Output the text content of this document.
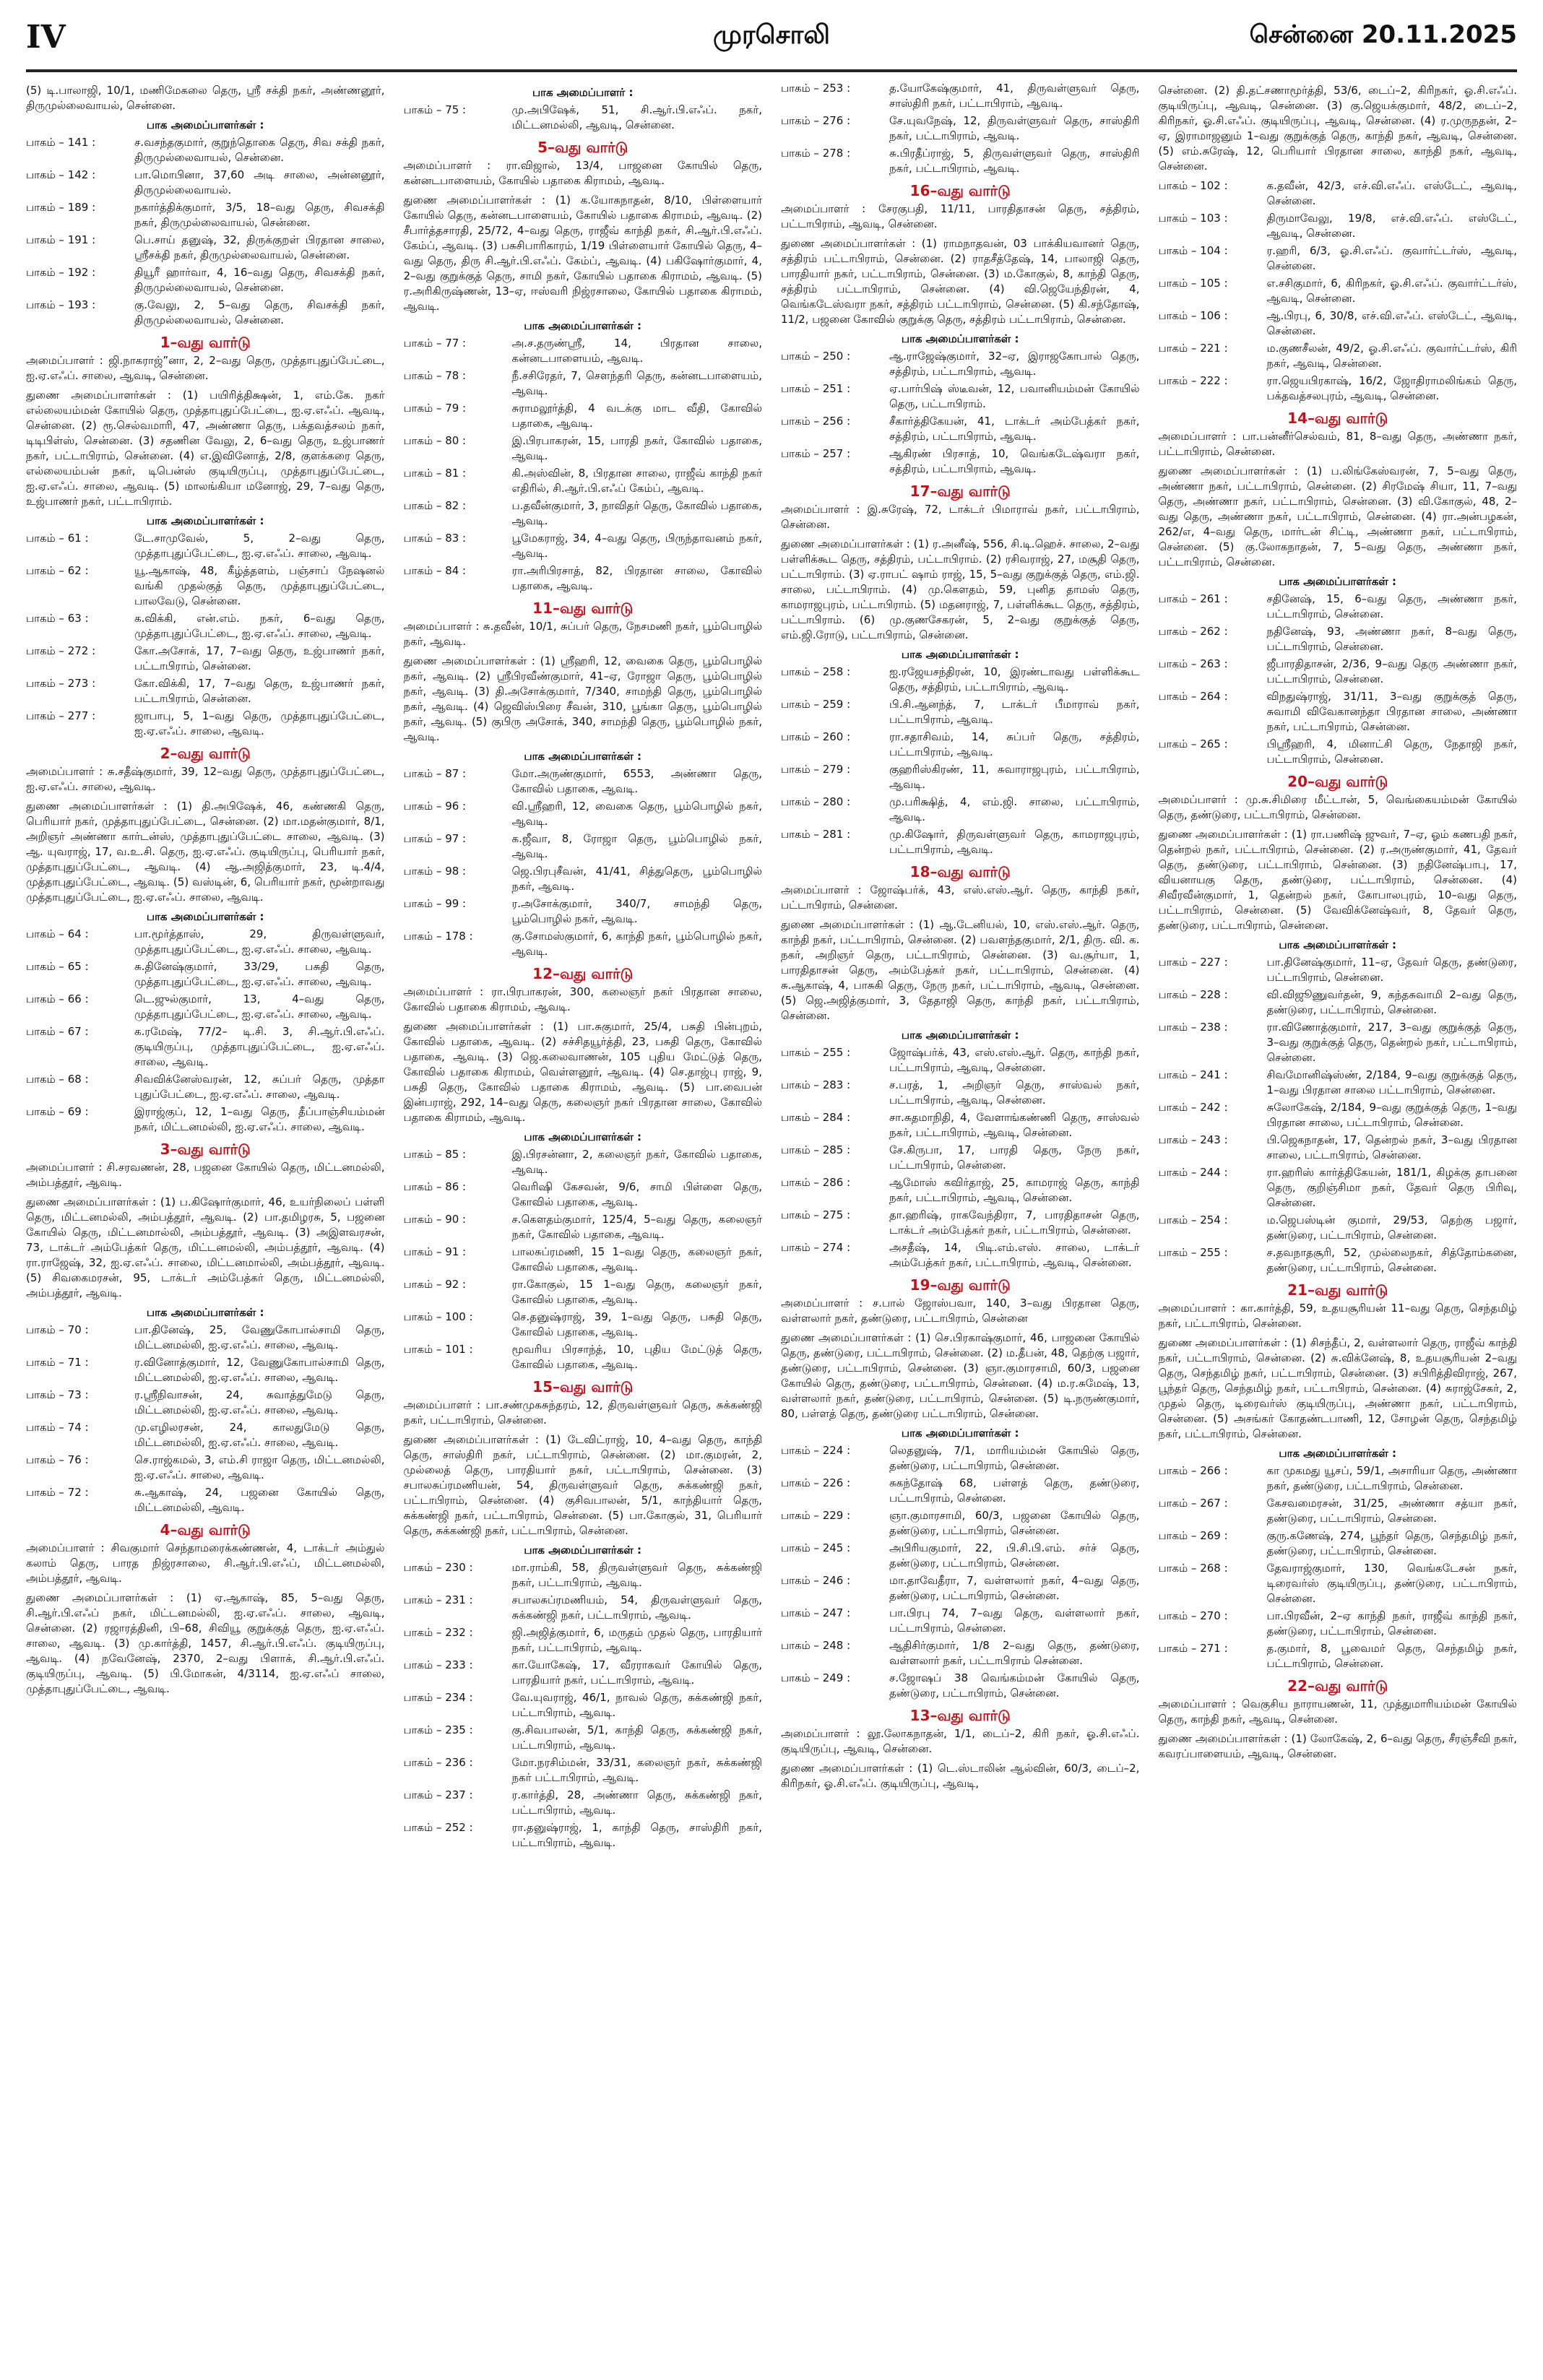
IV	முரசொலி	சென்னை 20.11.2025
(5) டி.பாலாஜி, 10/1, மணிமேகலை தெரு, ஸ்ரீ சக்தி நகர், அண்ணனூர், திருமுல்லைவாயல், சென்னை.
பாக அமைப்பாளர்கள் :
பாகம் – 141 :	ச.வசந்தகுமார், குறுந்தொகை தெரு, சிவ சக்தி நகர், திருமுல்லைவாயல், சென்னை.
பாகம் – 142 :	பா.மொபினா, 37,60 அடி சாலை, அன்னனூர், திருமுல்லைவாயல்.
பாகம் – 189 :	நகார்த்திக்குமார், 3/5, 18–வது தெரு, சிவசக்தி நகர், திருமுல்லைவாயல், சென்னை.
பாகம் – 191 :	பெ.சாய் தனுஷ், 32, திருக்குறள் பிரதான சாலை, ஸ்ரீசக்தி நகர், திருமுல்லைவாயல், சென்னை.
பாகம் – 192 :	தியூரீ ஹார்வா, 4, 16–வது தெரு, சிவசக்தி நகர், திருமுல்லைவாயல், சென்னை.
பாகம் – 193 :	கு.வேலு, 2, 5–வது தெரு, சிவசக்தி நகர், திருமுல்லைவாயல், சென்னை.
1–வது வார்டு
அமைப்பாளர் : ஜி.நாகராஜ்”னா, 2, 2–வது தெரு, முத்தாபுதுப்பேட்டை, ஐ.ஏ.எஃப். சாலை, ஆவடி, சென்னை.
துணை அமைப்பாளர்கள் : (1) பயிரித்திக்ஷன், 1, எம்.கே. நகர் எல்லையம்மன் கோயில் தெரு, முத்தாபுதுப்பேட்டை, ஐ.ஏ.எஃப். ஆவடி, சென்னை. (2) ரூ.செல்வமாரி, 47, அண்ணா தெரு, பக்தவத்சலம் நகர், டிடிபிள்ஸ், சென்னை. (3) சதணின வேலு, 2, 6–வது தெரு, உஜ்பாணர் நகர், பட்டாபிராம், சென்னை. (4) எ.இவினோத், 2/8, குளக்கரை தெரு, எல்லையம்பன் நகர், டிபென்ஸ் குடியிருப்பு, முத்தாபுதுப்பேட்டை, ஐ.ஏ.எஃப். சாலை, ஆவடி. (5) மாலங்கியா மனோஜ், 29, 7–வது தெரு, உஜ்பாணர் நகர், பட்டாபிராம்.
பாக அமைப்பாளர்கள் :
பாகம் – 61 :	டே.சாமுவேல், 5, 2–வது தெரு, முத்தாபுதுப்பேட்டை, ஐ.ஏ.எஃப். சாலை, ஆவடி.
பாகம் – 62 :	யூ.ஆகாஷ், 48, கீழ்த்தளம், பஞ்சாப் நேஷனல் வங்கி முதல்குத் தெரு, முத்தாபுதுப்பேட்டை, பாலவேடு, சென்னை.
பாகம் – 63 :	க.விக்கி, என்.எம். நகர், 6–வது தெரு, முத்தாபுதுப்பேட்டை, ஐ.ஏ.எஃப். சாலை, ஆவடி.
பாகம் – 272 :	கோ.அசோக், 17, 7–வது தெரு, உஜ்பாணர் நகர், பட்டாபிராம், சென்னை.
பாகம் – 273 :	கோ.விக்கி, 17, 7–வது தெரு, உஜ்பாணர் நகர், பட்டாபிராம், சென்னை.
பாகம் – 277 :	ஜாபாபு, 5, 1–வது தெரு, முத்தாபுதுப்பேட்டை, ஐ.ஏ.எஃப். சாலை, ஆவடி.
2–வது வார்டு
அமைப்பாளர் : சு.சதீஷ்குமார், 39, 12–வது தெரு, முத்தாபுதுப்பேட்டை, ஐ.ஏ.எஃப். சாலை, ஆவடி.
துணை அமைப்பாளர்கள் : (1) தி.அபிஷேக், 46, கண்ணகி தெரு, பெரியார் நகர், முத்தாபுதுப்பேட்டை, சென்னை. (2) மா.மதன்குமார், 8/1, அறிஞர் அண்ணா கார்டன்ஸ், முத்தாபுதுப்பேட்டை சாலை, ஆவடி. (3) ஆ. யுவராஜ், 17, வ.உ.சி. தெரு, ஐ.ஏ.எஃப். குடியிருப்பு, பெரியார் நகர், முத்தாபுதுப்பேட்டை, ஆவடி. (4) ஆ.அஜித்குமார், 23, டி.4/4, முத்தாபுதுப்பேட்டை, ஆவடி. (5) வஸ்டின், 6, பெரியார் நகர், மூன்றாவது முத்தாபுதுப்பேட்டை, ஐ.ஏ.எஃப். சாலை, ஆவடி.
பாக அமைப்பாளர்கள் :
பாகம் – 64 :	பா.மூர்த்தாஸ், 29, திருவள்ளுவர், முத்தாபுதுப்பேட்டை, ஐ.ஏ.எஃப். சாலை, ஆவடி.
பாகம் – 65 :	சு.தினேஷ்குமார், 33/29, பசுதி தெரு, முத்தாபுதுப்பேட்டை, ஐ.ஏ.எஃப். சாலை, ஆவடி.
பாகம் – 66 :	டெ.ஜுல்குமார், 13, 4–வது தெரு, முத்தாபுதுப்பேட்டை, ஐ.ஏ.எஃப். சாலை, ஆவடி.
பாகம் – 67 :	க.ரமேஷ், 77/2– டி.சி. 3, சி.ஆர்.பி.எஃப். குடியிருப்பு, முத்தாபுதுப்பேட்டை, ஐ.ஏ.எஃப். சாலை, ஆவடி.
பாகம் – 68 :	சிவவிக்னேஸ்வரன், 12, சுப்பர் தெரு, முத்தா புதுப்பேட்டை, ஐ.ஏ.எஃப். சாலை, ஆவடி.
பாகம் – 69 :	இராஜ்குப், 12, 1–வது தெரு, தீப்பாஞ்சியம்மன் நகர், மிட்டனமல்லி, ஐ.ஏ.எஃப். சாலை, ஆவடி.
3–வது வார்டு
அமைப்பாளர் : சி.சரவணன், 28, பஜனை கோயில் தெரு, மிட்டனமல்லி, அம்பத்தூர், ஆவடி.
துணை அமைப்பாளர்கள் : (1) ப.கிஷோர்குமார், 46, உயர்நிலைப் பள்ளி தெரு, மிட்டனமல்லி, அம்பத்தூர், ஆவடி. (2) பா.தமிழரசு, 5, பஜனை கோயில் தெரு, மிட்டனமால்லி, அம்பத்தூர், ஆவடி. (3) அஇளவரசன், 73, டாக்டர் அம்பேத்கர் தெரு, மிட்டனமல்லி, அம்பத்தூர், ஆவடி. (4) ரா.ராஜேஷ், 32, ஐ.ஏ.எஃப். சாலை, மிட்டனமால்லி, அம்பத்தூர், ஆவடி. (5) சிவகைமரசன், 95, டாக்டர் அம்பேத்கர் தெரு, மிட்டனமல்லி, அம்பத்தூர், ஆவடி.
பாக அமைப்பாளர்கள் :
பாகம் – 70 :	பா.தினேஷ், 25, வேணுகோபால்சாமி தெரு, மிட்டனமல்லி, ஐ.ஏ.எஃப். சாலை, ஆவடி.
பாகம் – 71 :	ர.வினோத்குமார், 12, வேணுகோபால்சாமி தெரு, மிட்டனமல்லி, ஐ.ஏ.எஃப். சாலை, ஆவடி.
பாகம் – 73 :	ர.ஸ்ரீநிவாசன், 24, சுவாத்துமேடு தெரு, மிட்டனமல்லி, ஐ.ஏ.எஃப். சாலை, ஆவடி.
பாகம் – 74 :	மு.எழிலரசன், 24, காலதுமேடு தெரு, மிட்டனமல்லி, ஐ.ஏ.எஃப். சாலை, ஆவடி.
பாகம் – 76 :	செ.ராஜ்கமல், 3, எம்.சி ராஜா தெரு, மிட்டனமல்லி, ஐ.ஏ.எஃப். சாலை, ஆவடி.
பாகம் – 72 :	சு.ஆகாஷ், 24, பஜனை கோயில் தெரு, மிட்டனமல்லி, ஆவடி.
4–வது வார்டு
அமைப்பாளர் : சிவகுமார் செந்தாமரைக்கண்ணன், 4, டாக்டர் அம்துல் கலாம் தெரு, பாரத நிஜ்ரசாலை, சி.ஆர்.பி.எஃப், மிட்டனமல்லி, அம்பத்தூர், ஆவடி.
துணை அமைப்பாளர்கள் : (1) ஏ.ஆகாஷ், 85, 5–வது தெரு, சி.ஆர்.பி.எஃப் நகர், மிட்டனமல்லி, ஐ.ஏ.எஃப். சாலை, ஆவடி, சென்னை. (2) ரஜாரத்தினி, பி–68, சிவியூ குறுக்குத் தெரு, ஐ.ஏ.எஃப். சாலை, ஆவடி. (3) மு.கார்த்தி, 1457, சி.ஆர்.பி.எஃப். குடியிருப்பு, ஆவடி. (4) நவேனேஷ், 2370, 2–வது பிளாக், சி.ஆர்.பி.எஃப். குடியிருப்பு, ஆவடி. (5) பி.மோகன், 4/3114, ஐ.ஏ.எஃப் சாலை, முத்தாபுதுப்பேட்டை, ஆவடி.
பாக அமைப்பாளர் :
பாகம் – 75 :	மு.அபிஷேக், 51, சி.ஆர்.பி.எஃப். நகர், மிட்டனமல்லி, ஆவடி, சென்னை.
5–வது வார்டு
அமைப்பாளர் : ரா.விஜால், 13/4, பாஜனை கோயில் தெரு, கன்னடபாளையம், கோயில் பதாகை கிராமம், ஆவடி.
துணை அமைப்பாளர்கள் : (1) க.யோகநாதன், 8/10, பிள்ளையார் கோயில் தெரு, கன்னடபாளையம், கோயில் பதாகை கிராமம், ஆவடி. (2) சீபார்த்தசாரதி, 25/72, 4–வது தெரு, ராஜீவ் காந்தி நகர், சி.ஆர்.பி.எஃப். கேம்ப், ஆவடி. (3) பசுசிபாரிகாரம், 1/19 பிள்ளையார் கோயில் தெரு, 4–வது தெரு, திரு சி.ஆர்.பி.எஃப். கேம்ப், ஆவடி. (4) பகிஷோர்குமார், 4, 2–வது குறுக்குத் தெரு, சாமி நகர், கோயில் பதாகை கிராமம், ஆவடி. (5) ர.அரிகிருஷ்ணன், 13–ஏ, ஈஸ்வரி நிஜ்ரசாலை, கோயில் பதாகை கிராமம், ஆவடி.
பாக அமைப்பாளர்கள் :
பாகம் – 77 :	அ.ச.தருண்ஸ்ரீ, 14, பிரதான சாலை, கன்னடபாளையம், ஆவடி.
பாகம் – 78 :	நீ.சசிரேதர், 7, சௌந்தரி தெரு, கன்னடபாளையம், ஆவடி.
பாகம் – 79 :	சுராமலூர்த்தி, 4 வடக்கு மாட வீதி, கோவில் பதாகை, ஆவடி.
பாகம் – 80 :	இ.பிரபாகரன், 15, பாரதி நகர், கோவில் பதாகை, ஆவடி.
பாகம் – 81 :	கி.அஸ்வின், 8, பிரதான சாலை, ராஜீவ் காந்தி நகர் எதிரில், சி.ஆர்.பி.எஃப் கேம்ப், ஆவடி.
பாகம் – 82 :	ப.தவீன்குமார், 3, நாவிதர் தெரு, கோவில் பதாகை, ஆவடி.
பாகம் – 83 :	பூமேகராஜ், 34, 4–வது தெரு, பிருந்தாவனம் நகர், ஆவடி.
பாகம் – 84 :	ரா.அரிபிரசாத், 82, பிரதான சாலை, கோவில் பதாகை, ஆவடி.
11–வது வார்டு
அமைப்பாளர் : சு.தவீன், 10/1, சுப்பர் தெரு, நேசமணி நகர், பூம்பொழில் நகர், ஆவடி.
துணை அமைப்பாளர்கள் : (1) ஸ்ரீஹரி, 12, வைகை தெரு, பூம்பொழில் நகர், ஆவடி. (2) ஸ்ரீபிரவீண்குமார், 41–ஏ, ரோஜா தெரு, பூம்பொழில் நகர், ஆவடி. (3) தி.அசோக்குமார், 7/340, சாமந்தி தெரு, பூம்பொழில் நகர், ஆவடி. (4) ஜெவிஸ்பிரை சீவன், 310, பூங்கா தெரு, பூம்பொழில் நகர், ஆவடி. (5) குபிரு அசோக், 340, சாமந்தி தெரு, பூம்பொழில் நகர், ஆவடி.
பாக அமைப்பாளர்கள் :
பாகம் – 87 :	மோ.அருண்குமார், 6553, அண்ணா தெரு, கோவில் பதாகை, ஆவடி.
பாகம் – 96 :	வி.ஸ்ரீஹரி, 12, வைகை தெரு, பூம்பொழில் நகர், ஆவடி.
பாகம் – 97 :	க.ஜீவா, 8, ரோஜா தெரு, பூம்பொழில் நகர், ஆவடி.
பாகம் – 98 :	ஜெ.பிரபுசீவன், 41/41, சித்துதெரு, பூம்பொழில் நகர், ஆவடி.
பாகம் – 99 :	ர.அசோக்குமார், 340/7, சாமந்தி தெரு, பூம்பொழில் நகர், ஆவடி.
பாகம் – 178 :	கு.சோமஸ்குமார், 6, காந்தி நகர், பூம்பொழில் நகர், ஆவடி.
12–வது வார்டு
அமைப்பாளர் : ரா.பிரபாகரன், 300, கலைஞர் நகர் பிரதான சாலை, கோவில் பதாகை கிராமம், ஆவடி.
துணை அமைப்பாளர்கள் : (1) பா.சுகுமார், 25/4, பசுதி பின்புறம், கோவில் பதாகை, ஆவடி. (2) சச்சிதயூர்த்தி, 23, பசுதி தெரு, கோவில் பதாகை, ஆவடி. (3) ஜெ.கலைவாணன், 105 புதிய மேட்டுத் தெரு, கோவில் பதாகை கிராமம், வெள்ளனூர், ஆவடி. (4) செ.தாஜ்பு ராஜ், 9, பசுதி தெரு, கோவில் பதாகை கிராமம், ஆவடி. (5) பா.வைபன் இன்பராஜ், 292, 14–வது தெரு, கலைஞர் நகர் பிரதான சாலை, கோவில் பதாகை கிராமம், ஆவடி.
பாக அமைப்பாளர்கள் :
பாகம் – 85 :	இ.பிரசன்னா, 2, கலைஞர் நகர், கோவில் பதாகை, ஆவடி.
பாகம் – 86 :	வெரிஷி கேசவன், 9/6, சாமி பிள்ளை தெரு, கோவில் பதாகை, ஆவடி.
பாகம் – 90 :	ச.கௌதம்குமார், 125/4, 5–வது தெரு, கலைஞர் நகர், கோவில் பதாகை, ஆவடி.
பாகம் – 91 :	பாலசுப்ரமணி, 15 1–வது தெரு, கலைஞர் நகர், கோவில் பதாகை, ஆவடி.
பாகம் – 92 :	ரா.கோகுல், 15 1–வது தெரு, கலைஞர் நகர், கோவில் பதாகை, ஆவடி.
பாகம் – 100 :	செ.தனுஷ்ராஜ், 39, 1–வது தெரு, பசுதி தெரு, கோவில் பதாகை, ஆவடி.
பாகம் – 101 :	மூவரிய பிரசாந்த், 10, புதிய மேட்டுத் தெரு, கோவில் பதாகை, ஆவடி.
15–வது வார்டு
அமைப்பாளர் : பா.சண்முகசுந்தரம், 12, திருவள்ளுவர் தெரு, சுக்கண்ஜி நகர், பட்டாபிராம், சென்னை.
துணை அமைப்பாளர்கள் : (1) டேவிட்ராஜ், 10, 4–வது தெரு, காந்தி தெரு, சாஸ்திரி நகர், பட்டாபிராம், சென்னை. (2) மா.குமரன், 2, முல்லைத் தெரு, பாரதியார் நகர், பட்டாபிராம், சென்னை. (3) சபாலசுப்ரமணியன், 54, திருவள்ளுவர் தெரு, சுக்கண்ஜி நகர், பட்டாபிராம், சென்னை. (4) குசிவபாலன், 5/1, காந்தியார் தெரு, சுக்கண்ஜி நகர், பட்டாபிராம், சென்னை. (5) பா.கோகுல், 31, பெரியார் தெரு, சுக்கண்ஜி நகர், பட்டாபிராம், சென்னை.
பாக அமைப்பாளர்கள் :
பாகம் – 230 :	மா.ராம்கி, 58, திருவள்ளுவர் தெரு, சுக்கண்ஜி நகர், பட்டாபிராம், ஆவடி.
பாகம் – 231 :	சபாலசுப்ரமணியம், 54, திருவள்ளுவர் தெரு, சுக்கண்ஜி நகர், பட்டாபிராம், ஆவடி.
பாகம் – 232 :	ஜி.அஜித்குமார், 6, மருதம் முதல் தெரு, பாரதியார் நகர், பட்டாபிராம், ஆவடி.
பாகம் – 233 :	கா.யோகேஷ், 17, வீரராகவர் கோயில் தெரு, பாரதியார் நகர், பட்டாபிராம், ஆவடி.
பாகம் – 234 :	வே.யுவராஜ், 46/1, நாவல் தெரு, சுக்கண்ஜி நகர், பட்டாபிராம், ஆவடி.
பாகம் – 235 :	கு.சிவபாலன், 5/1, காந்தி தெரு, சுக்கண்ஜி நகர், பட்டாபிராம், ஆவடி.
பாகம் – 236 :	மோ.நரசிம்மன், 33/31, கலைஞர் நகர், சுக்கண்ஜி நகர் பட்டாபிராம், ஆவடி.
பாகம் – 237 :	ர.கார்த்தி, 28, அண்ணா தெரு, சுக்கண்ஜி நகர், பட்டாபிராம், ஆவடி.
பாகம் – 252 :	ரா.தனுஷ்ராஜ், 1, காந்தி தெரு, சாஸ்திரி நகர், பட்டாபிராம், ஆவடி.
பாகம் – 253 :	த.யோகேஷ்குமார், 41, திருவள்ளுவர் தெரு, சாஸ்திரி நகர், பட்டாபிராம், ஆவடி.
பாகம் – 276 :	சே.யுவநேஷ், 12, திருவள்ளுவர் தெரு, சாஸ்திரி நகர், பட்டாபிராம், ஆவடி.
பாகம் – 278 :	சு.பிரதீப்ராஜ், 5, திருவள்ளுவர் தெரு, சாஸ்திரி நகர், பட்டாபிராம், ஆவடி.
16–வது வார்டு
அமைப்பாளர் : சேரகுபதி, 11/11, பாரதிதாசன் தெரு, சத்திரம், பட்டாபிராம், ஆவடி, சென்னை.
துணை அமைப்பாளர்கள் : (1) ராமநாதவன், 03 பாக்கியவானர் தெரு, சத்திரம் பட்டாபிராம், சென்னை. (2) ராதசீத்தேஷ், 14, பாலாஜி தெரு, பாரதியார் நகர், பட்டாபிராம், சென்னை. (3) ம.கோகுல், 8, காந்தி தெரு, சத்திரம் பட்டாபிராம், சென்னை. (4) வி.ஜெயேந்திரன், 4, வெங்கடேஸ்வரா நகர், சத்திரம் பட்டாபிராம், சென்னை. (5) கி.சந்தோஷ், 11/2, பஜனை கோவில் குறுக்கு தெரு, சத்திரம் பட்டாபிராம், சென்னை.
பாக அமைப்பாளர்கள் :
பாகம் – 250 :	ஆ.ராஜேஷ்குமார், 32–ஏ, இராஜகோபால் தெரு, சத்திரம், பட்டாபிராம், ஆவடி.
பாகம் – 251 :	ஏ.பார்பிஷ் ஸ்டீவன், 12, பவானியம்மன் கோயில் தெரு, பட்டாபிராம்.
பாகம் – 256 :	சீகார்த்திகேயன், 41, டாக்டர் அம்பேத்கர் நகர், சத்திரம், பட்டாபிராம், ஆவடி.
பாகம் – 257 :	ஆகிரண் பிரசாத், 10, வெங்கடேஷ்வரா நகர், சத்திரம், பட்டாபிராம், ஆவடி.
17–வது வார்டு
அமைப்பாளர் : இ.சுரேஷ், 72, டாக்டர் பிமாராவ் நகர், பட்டாபிராம், சென்னை.
துணை அமைப்பாளர்கள் : (1) ர.அனீஷ், 556, சி.டி.ஹெச். சாலை, 2–வது பள்ளிக்கூட தெரு, சத்திரம், பட்டாபிராம். (2) ரசிவராஜ், 27, மசூதி தெரு, பட்டாபிராம். (3) ஏ.ராபட் ஷாம் ராஜ், 15, 5–வது குறுக்குத் தெரு, எம்.ஜி. சாலை, பட்டாபிராம். (4) மு.கௌதம், 59, புனித தாமஸ் தெரு, காமராஜபுரம், பட்டாபிராம். (5) மதனராஜ், 7, பள்ளிக்கூட தெரு, சத்திரம், பட்டாபிராம். (6) மு.குணசேகரன், 5, 2–வது குறுக்குத் தெரு, எம்.ஜி.ரோடு, பட்டாபிராம், சென்னை.
பாக அமைப்பாளர்கள் :
பாகம் – 258 :	ஐ.ரஜேயசந்திரன், 10, இரண்டாவது பள்ளிக்கூட தெரு, சத்திரம், பட்டாபிராம், ஆவடி.
பாகம் – 259 :	பி.சி.ஆனந்த், 7, டாக்டர் பீமாராவ் நகர், பட்டாபிராம், ஆவடி.
பாகம் – 260 :	ரா.சதாசிவம், 14, சுப்பர் தெரு, சத்திரம், பட்டாபிராம், ஆவடி.
பாகம் – 279 :	குஹரிஸ்கிரண், 11, சுவாராஜபுரம், பட்டாபிராம், ஆவடி.
பாகம் – 280 :	மு.பரிக்ஷித், 4, எம்.ஜி. சாலை, பட்டாபிராம், ஆவடி.
பாகம் – 281 :	மு.கிஷோர், திருவள்ளுவர் தெரு, காமராஜபுரம், பட்டாபிராம், ஆவடி.
18–வது வார்டு
அமைப்பாளர் : ஜோஷ்பர்க், 43, எஸ்.எஸ்.ஆர். தெரு, காந்தி நகர், பட்டாபிராம், சென்னை.
துணை அமைப்பாளர்கள் : (1) ஆ.டேனியல், 10, எஸ்.எஸ்.ஆர். தெரு, காந்தி நகர், பட்டாபிராம், சென்னை. (2) பவளந்தகுமார், 2/1, திரு. வி. க. நகர், அறிஞர் தெரு, பட்டாபிராம், சென்னை. (3) வ.சூர்யா, 1, பாரதிதாசன் தெரு, அம்பேத்கர் நகர், பட்டாபிராம், சென்னை. (4) சு.ஆகாஷ், 4, பாசுகி தெரு, நேரு நகர், பட்டாபிராம், ஆவடி, சென்னை. (5) ஜெ.அஜித்குமார், 3, தேதாஜி தெரு, காந்தி நகர், பட்டாபிராம், சென்னை.
பாக அமைப்பாளர்கள் :
பாகம் – 255 :	ஜோஷ்பர்க், 43, எஸ்.எஸ்.ஆர். தெரு, காந்தி நகர், பட்டாபிராம், ஆவடி, சென்னை.
பாகம் – 283 :	ச.பரத், 1, அறிஞர் தெரு, சாஸ்வல் நகர், பட்டாபிராம், ஆவடி, சென்னை.
பாகம் – 284 :	சா.சுதமாநிதி, 4, வேளாங்கண்ணி தெரு, சாஸ்வல் நகர், பட்டாபிராம், ஆவடி, சென்னை.
பாகம் – 285 :	சே.கிருபா, 17, பாரதி தெரு, நேரு நகர், பட்டாபிராம், சென்னை.
பாகம் – 286 :	ஆமோஸ் கவிர்தாஜ், 25, காமராஜ் தெரு, காந்தி நகர், பட்டாபிராம், ஆவடி, சென்னை.
பாகம் – 275 :	தா.ஹரிஷ், ராகவேந்திரா, 7, பாரதிதாசன் தெரு, டாக்டர் அம்பேத்கர் நகர், பட்டாபிராம், சென்னை.
பாகம் – 274 :	அசதீஷ், 14, பிடி.எம்.எஸ். சாலை, டாக்டர் அம்பேத்கர் நகர், பட்டாபிராம், ஆவடி, சென்னை.
19–வது வார்டு
அமைப்பாளர் : ச.பால் ஜோஸ்பவா, 140, 3–வது பிரதான தெரு, வள்ளலார் நகர், தண்டுரை, பட்டாபிராம், சென்னை
துணை அமைப்பாளர்கள் : (1) செ.பிரகாஷ்குமார், 46, பாஜனை கோயில் தெரு, தண்டுரை, பட்டாபிராம், சென்னை. (2) ம.தீபன், 48, தெற்கு பஜார், தண்டுரை, பட்டாபிராம், சென்னை. (3) ஞா.குமாரசாமி, 60/3, பஜனை கோயில் தெரு, தண்டுரை, பட்டாபிராம், சென்னை. (4) ம.ர.சுமேஷ், 13, வள்ளலார் நகர், தண்டுரை, பட்டாபிராம், சென்னை. (5) டி.நருண்குமார், 80, பள்ளத் தெரு, தண்டுரை பட்டாபிராம், சென்னை.
பாக அமைப்பாளர்கள் :
பாகம் – 224 :	லெதனுஷ், 7/1, மாரியம்மன் கோயில் தெரு, தண்டுரை, பட்டாபிராம், சென்னை.
பாகம் – 226 :	சுகந்தோஷ் 68, பள்ளத் தெரு, தண்டுரை, பட்டாபிராம், சென்னை.
பாகம் – 229 :	ஞா.குமாரசாமி, 60/3, பஜனை கோயில் தெரு, தண்டுரை, பட்டாபிராம், சென்னை.
பாகம் – 245 :	அபிரியகுமார், 22, பி.சி.பி.எம். சர்ச் தெரு, தண்டுரை, பட்டாபிராம், சென்னை.
பாகம் – 246 :	மா.தாவேதீரா, 7, வள்ளலார் நகர், 4–வது தெரு, தண்டுரை, பட்டாபிராம், சென்னை.
பாகம் – 247 :	பா.பிரபு 74, 7–வது தெரு, வள்ளலார் நகர், பட்டாபிராம், சென்னை.
பாகம் – 248 :	ஆதிசிர்குமார், 1/8 2–வது தெரு, தண்டுரை, வள்ளலார் நகர், பட்டாபிராம் சென்னை.
பாகம் – 249 :	ச.ஜோஷப் 38 வெங்கம்மன் கோயில் தெரு, தண்டுரை, பட்டாபிராம், சென்னை.
13–வது வார்டு
அமைப்பாளர் : லூ.லோகநாதன், 1/1, டைப்–2, கிரி நகர், ஓ.சி.எஃப். குடியிருப்பு, ஆவடி, சென்னை.
துணை அமைப்பாளர்கள் : (1) டெ.ஸ்டாலின் ஆல்வின், 60/3, டைப்–2, கிரிநகர், ஓ.சி.எஃப். குடியிருப்பு, ஆவடி,
சென்னை. (2) தி.தட்சணாமூர்த்தி, 53/6, டைப்–2, கிரிநகர், ஓ.சி.எஃப். குடியிருப்பு, ஆவடி, சென்னை. (3) கு.ஜெயக்குமார், 48/2, டைப்–2, கிரிநகர், ஓ.சி.எஃப். குடியிருப்பு, ஆவடி, சென்னை. (4) ர.முருநதன், 2–ஏ, இராமாஜனும் 1–வது குறுக்குத் தெரு, காந்தி நகர், ஆவடி, சென்னை. (5) எம்.சுரேஷ், 12, பெரியார் பிரதான சாலை, காந்தி நகர், ஆவடி, சென்னை.
பாகம் – 102 :	க.தவீன், 42/3, எச்.வி.எஃப். எஸ்டேட், ஆவடி, சென்னை.
பாகம் – 103 :	திருமாவேலு, 19/8, எச்.வி.எஃப். எஸ்டேட், ஆவடி, சென்னை.
பாகம் – 104 :	ர.ஹரி, 6/3, ஓ.சி.எஃப். குவார்ட்டர்ஸ், ஆவடி, சென்னை.
பாகம் – 105 :	எ.சசிகுமார், 6, கிரிநகர், ஓ.சி.எஃப். குவார்ட்டர்ஸ், ஆவடி, சென்னை.
பாகம் – 106 :	ஆ.பிரபு, 6, 30/8, எச்.வி.எஃப். எஸ்டேட், ஆவடி, சென்னை.
பாகம் – 221 :	ம.குணசீலன், 49/2, ஓ.சி.எஃப். குவார்ட்டர்ஸ், கிரி நகர், ஆவடி, சென்னை.
பாகம் – 222 :	ரா.ஜெயபிரகாஷ், 16/2, ஜோதிராமலிங்கம் தெரு, பக்தவத்சலபுரம், ஆவடி, சென்னை.
14–வது வார்டு
அமைப்பாளர் : பா.பன்னீர்செல்வம், 81, 8–வது தெரு, அண்ணா நகர், பட்டாபிராம், சென்னை.
துணை அமைப்பாளர்கள் : (1) ப.லிங்கேஸ்வரன், 7, 5–வது தெரு, அண்ணா நகர், பட்டாபிராம், சென்னை. (2) சிரமேஷ் சியா, 11, 7–வது தெரு, அண்ணா நகர், பட்டாபிராம், சென்னை. (3) வி.கோகுல், 48, 2–வது தெரு, அண்ணா நகர், பட்டாபிராம், சென்னை. (4) ரா.அன்பழகன், 262/எ, 4–வது தெரு, மார்டன் சிட்டி, அண்ணா நகர், பட்டாபிராம், சென்னை. (5) கு.லோகநாதன், 7, 5–வது தெரு, அண்ணா நகர், பட்டாபிராம், சென்னை.
பாக அமைப்பாளர்கள் :
பாகம் – 261 :	சதினேஷ், 15, 6–வது தெரு, அண்ணா நகர், பட்டாபிராம், சென்னை.
பாகம் – 262 :	நதினேஷ், 93, அண்ணா நகர், 8–வது தெரு, பட்டாபிராம், சென்னை.
பாகம் – 263 :	ஜீபாரதிதாசன், 2/36, 9–வது தெரு அண்ணா நகர், பட்டாபிராம், சென்னை.
பாகம் – 264 :	விநதுஷ்ராஜ், 31/11, 3–வது குறுக்குத் தெரு, சுவாமி விவேகானந்தா பிரதான சாலை, அண்ணா நகர், பட்டாபிராம், சென்னை.
பாகம் – 265 :	பிஸ்ரீஹரி, 4, மினாட்சி தெரு, நேதாஜி நகர், பட்டாபிராம், சென்னை.
20–வது வார்டு
அமைப்பாளர் : மு.சு.சிமிரை மீட்டான், 5, வெங்கையம்மன் கோயில் தெரு, தண்டுரை, பட்டாபிராம், சென்னை.
துணை அமைப்பாளர்கள் : (1) ரா.பணிஷ் ஜுவர், 7–ஏ, ஓம் கணபதி நகர், தென்றல் நகர், பட்டாபிராம், சென்னை. (2) ர.அருண்குமார், 41, தேவர் தெரு, தண்டுரை, பட்டாபிராம், சென்னை. (3) நதினேஷ்பாபு, 17, வியனாயகு தெரு, தண்டுரை, பட்டாபிராம், சென்னை. (4) சிவீரவீன்குமார், 1, தென்றல் நகர், கோபாலபுரம், 10–வது தெரு, பட்டாபிராம், சென்னை. (5) வேவிக்னேஷ்வர், 8, தேவர் தெரு, தண்டுரை, பட்டாபிராம், சென்னை.
பாக அமைப்பாளர்கள் :
பாகம் – 227 :	பா.தினேஷ்குமார், 11–ஏ, தேவர் தெரு, தண்டுரை, பட்டாபிராம், சென்னை.
பாகம் – 228 :	வி.விஜூணுவர்தன், 9, கந்தசுவாமி 2–வது தெரு, தண்டுரை, பட்டாபிராம், சென்னை.
பாகம் – 238 :	ரா.விணோத்குமார், 217, 3–வது குறுக்குத் தெரு, 3–வது குறுக்குத் தெரு, தென்றல் நகர், பட்டாபிராம், சென்னை.
பாகம் – 241 :	சிவமோனிஷ்ஸ்ண், 2/184, 9–வது குறுக்குத் தெரு, 1–வது பிரதான சாலை பட்டாபிராம், சென்னை.
பாகம் – 242 :	சுலோகேஷ், 2/184, 9–வது குறுக்குத் தெரு, 1–வது பிரதான சாலை, பட்டாபிராம், சென்னை.
பாகம் – 243 :	பி.ஜெகநாதன், 17, தென்றல் நகர், 3–வது பிரதான சாலை, பட்டாபிராம், சென்னை.
பாகம் – 244 :	ரா.ஹரிஸ் கார்த்திகேயன், 181/1, கிழக்கு தாபனை தெரு, குறிஞ்சிமா நகர், தேவர் தெரு பிரிவு, சென்னை.
பாகம் – 254 :	ம.ஜெபஸ்டின் குமார், 29/53, தெற்கு பஜார், தண்டுரை, பட்டாபிராம், சென்னை.
பாகம் – 255 :	ச.தவநாதசூரி, 52, முல்லைநகர், சித்தோம்கனை, தண்டுரை, பட்டாபிராம், சென்னை.
21–வது வார்டு
அமைப்பாளர் : கா.கார்த்தி, 59, உதயசூரியன் 11–வது தெரு, செந்தமிழ் நகர், பட்டாபிராம், சென்னை.
துணை அமைப்பாளர்கள் : (1) சிசந்தீப், 2, வள்ளலார் தெரு, ராஜீவ் காந்தி நகர், பட்டாபிராம், சென்னை. (2) சு.விக்னேஷ், 8, உதயசூரியன் 2–வது தெரு, செந்தமிழ் நகர், பட்டாபிராம், சென்னை. (3) சபிரித்திவிராஜ், 267, பூந்தர் தெரு, செந்தமிழ் நகர், பட்டாபிராம், சென்னை. (4) சுராஜ்சேகர், 2, முதல் தெரு, டிரைவர்ஸ் குடியிருப்பு, அண்ணா நகர், பட்டாபிராம், சென்னை. (5) அசங்கர் கோதண்டபாணி, 12, சோழன் தெரு, செந்தமிழ் நகர், பட்டாபிராம், சென்னை.
பாக அமைப்பாளர்கள் :
பாகம் – 266 :	கா முகமது யூசப், 59/1, அசாரியா தெரு, அண்ணா நகர், தண்டுரை, பட்டாபிராம், சென்னை.
பாகம் – 267 :	கேசவமைரசன், 31/25, அண்ணா சத்யா நகர், தண்டுரை, பட்டாபிராம், சென்னை.
பாகம் – 269 :	குரு.கணேஷ், 274, பூந்தர் தெரு, செந்தமிழ் நகர், தண்டுரை, பட்டாபிராம், சென்னை.
பாகம் – 268 :	தேவராஜ்குமார், 130, வெங்கடேசன் நகர், டிரைவர்ஸ் குடியிருப்பு, தண்டுரை, பட்டாபிராம், சென்னை.
பாகம் – 270 :	பா.பிரவீன், 2–ஏ காந்தி நகர், ராஜீவ் காந்தி நகர், தண்டுரை, பட்டாபிராம், சென்னை.
பாகம் – 271 :	த.குமார், 8, பூவைமா் தெரு, செந்தமிழ் நகர், பட்டாபிராம், சென்னை.
22–வது வார்டு
அமைப்பாளர் : வெகுசிய நாராயணன், 11, முத்துமாரியம்மன் கோயில் தெரு, காந்தி நகர், ஆவடி, சென்னை.
துணை அமைப்பாளர்கள் : (1) லோகேஷ், 2, 6–வது தெரு, சீரஞ்சீவி நகர், கவரப்பாளையம், ஆவடி, சென்னை.
